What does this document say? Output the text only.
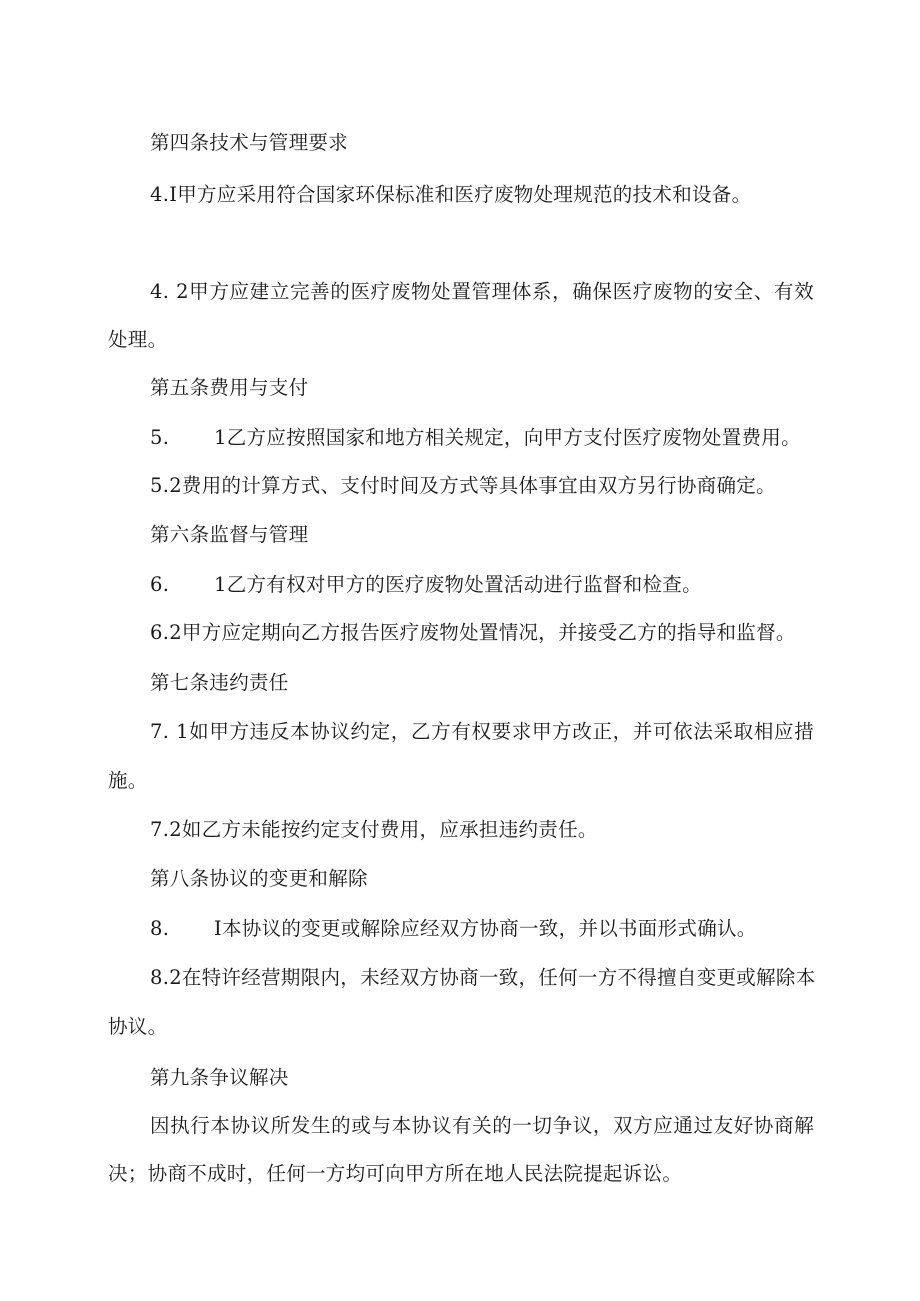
第四条技术与管理要求
4.I甲方应采用符合国家环保标准和医疗废物处理规范的技术和设备。
4. 2甲方应建立完善的医疗废物处置管理体系，确保医疗废物的安全、有效
处理。
第五条费用与支付
5. 1乙方应按照国家和地方相关规定，向甲方支付医疗废物处置费用。
5.2费用的计算方式、支付时间及方式等具体事宜由双方另行协商确定。
第六条监督与管理
6. 1乙方有权对甲方的医疗废物处置活动进行监督和检查。
6.2甲方应定期向乙方报告医疗废物处置情况，并接受乙方的指导和监督。
第七条违约责任
7. 1如甲方违反本协议约定，乙方有权要求甲方改正，并可依法采取相应措
施。
7.2如乙方未能按约定支付费用，应承担违约责任。
第八条协议的变更和解除
8. I本协议的变更或解除应经双方协商一致，并以书面形式确认。
8.2在特许经营期限内，未经双方协商一致，任何一方不得擅自变更或解除本
协议。
第九条争议解决
因执行本协议所发生的或与本协议有关的一切争议，双方应通过友好协商解
决；协商不成时，任何一方均可向甲方所在地人民法院提起诉讼。
